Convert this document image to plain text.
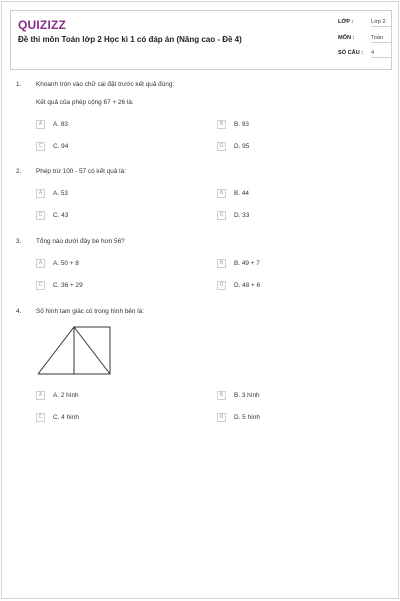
QUIZIZZ
Đề thi môn Toán lớp 2 Học kì 1 có đáp án (Nâng cao - Đề 4)
LỚP :	Lớp 2
MÔN :	Toán
SỐ CÂU : 4
1. Khoanh tròn vào chữ cái đặt trước kết quả đúng:
Kết quả của phép cộng 67 + 26 là:
A	A. 83	B	B. 93
C	C. 94	D	D. 95
2. Phép trừ 100 - 57 có kết quả là:
A	A. 53	B	B. 44
C	C. 43	D	D. 33
3. Tổng nào dưới đây bé hơn 56?
A	A. 50 + 8	B	B. 49 + 7
C	C. 36 + 29	D	D. 48 + 6
4. Số hình tam giác có trong hình bên là:
A	A. 2 hình	B	B. 3 hình
C	C. 4 hình	D	D. 5 hình
